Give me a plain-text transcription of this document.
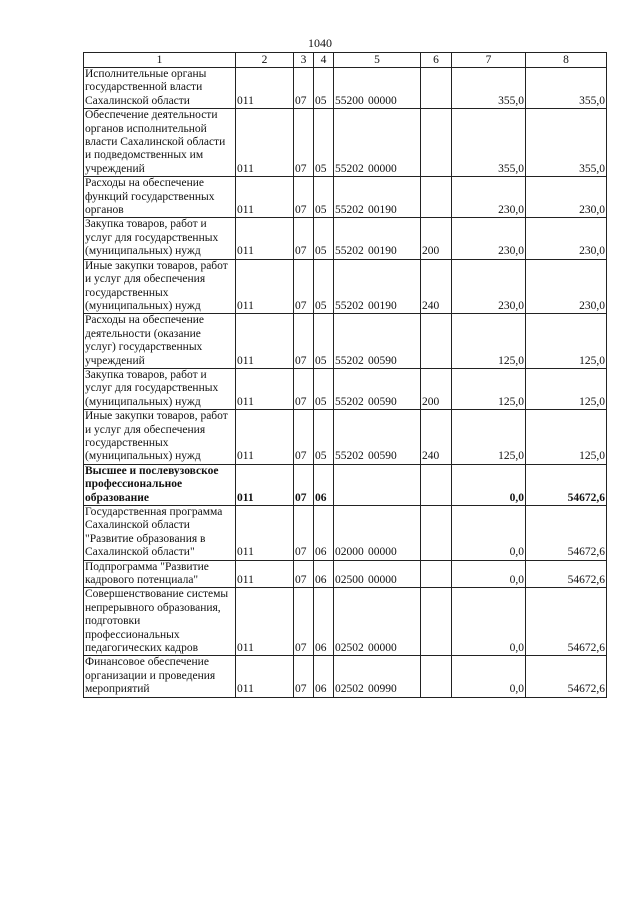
1040
1	2	3	4	5	6	7	8
Исполнительные органы государственной власти Сахалинской области	011	07	05	55200 00000		355,0	355,0
Обеспечение деятельности органов исполнительной власти Сахалинской области и подведомственных им учреждений	011	07	05	55202 00000		355,0	355,0
Расходы на обеспечение функций государственных органов	011	07	05	55202 00190		230,0	230,0
Закупка товаров, работ и услуг для государственных (муниципальных) нужд	011	07	05	55202 00190	200	230,0	230,0
Иные закупки товаров, работ и услуг для обеспечения государственных (муниципальных) нужд	011	07	05	55202 00190	240	230,0	230,0
Расходы на обеспечение деятельности (оказание услуг) государственных учреждений	011	07	05	55202 00590		125,0	125,0
Закупка товаров, работ и услуг для государственных (муниципальных) нужд	011	07	05	55202 00590	200	125,0	125,0
Иные закупки товаров, работ и услуг для обеспечения государственных (муниципальных) нужд	011	07	05	55202 00590	240	125,0	125,0
Высшее и послевузовское профессиональное образование	011	07	06			0,0	54672,6
Государственная программа Сахалинской области "Развитие образования в Сахалинской области"	011	07	06	02000 00000		0,0	54672,6
Подпрограмма "Развитие кадрового потенциала"	011	07	06	02500 00000		0,0	54672,6
Совершенствование системы непрерывного образования, подготовки профессиональных педагогических кадров	011	07	06	02502 00000		0,0	54672,6
Финансовое обеспечение организации и проведения мероприятий	011	07	06	02502 00990		0,0	54672,6
